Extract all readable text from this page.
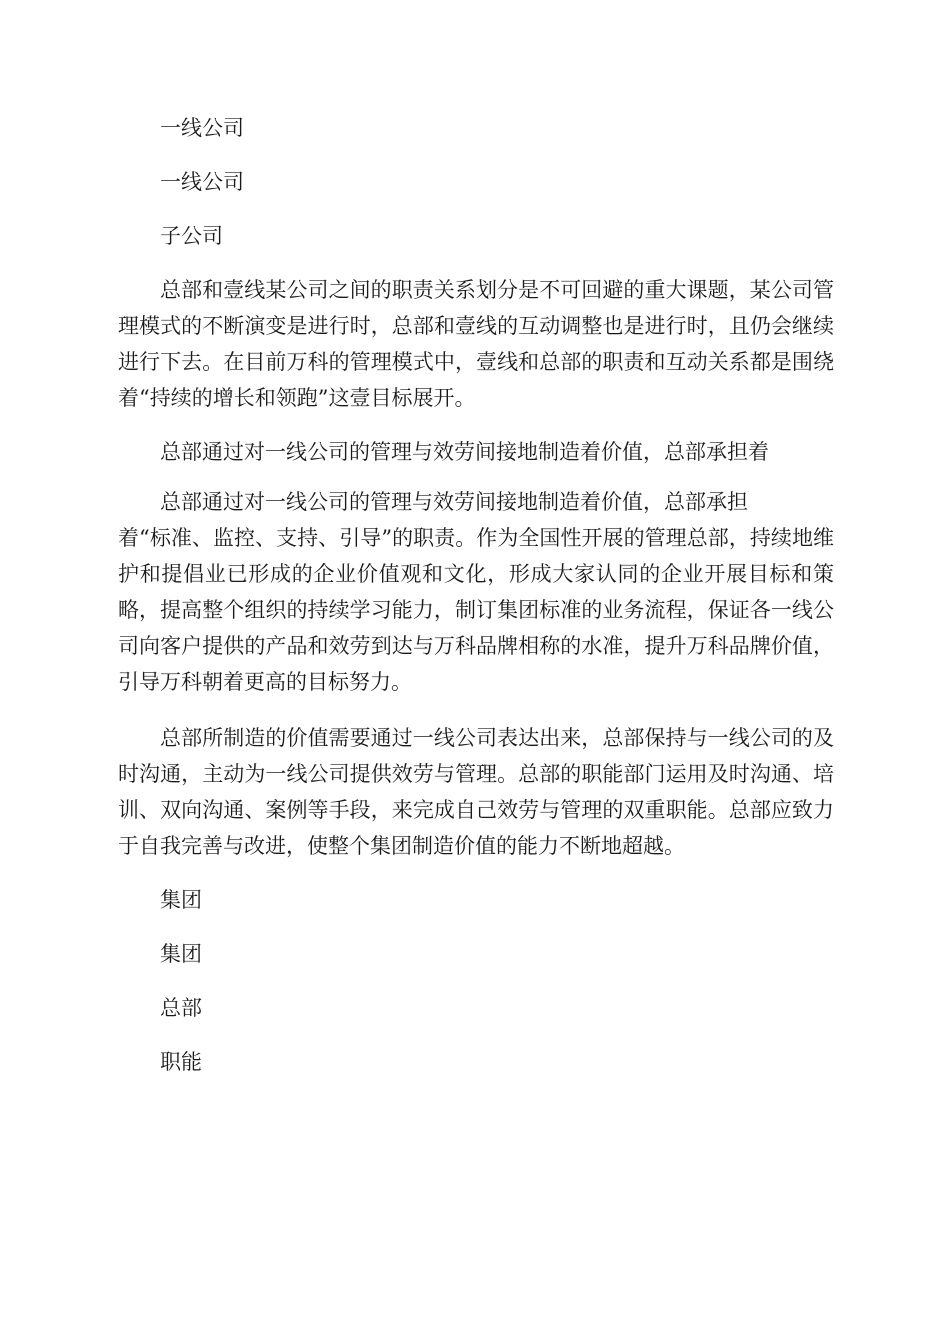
一线公司

一线公司

子公司

总部和壹线某公司之间的职责关系划分是不可回避的重大课题，某公司管理模式的不断演变是进行时，总部和壹线的互动调整也是进行时，且仍会继续进行下去。在目前万科的管理模式中，壹线和总部的职责和互动关系都是围绕着“持续的增长和领跑”这壹目标展开。

总部通过对一线公司的管理与效劳间接地制造着价值，总部承担着

总部通过对一线公司的管理与效劳间接地制造着价值，总部承担

着“标准、监控、支持、引导”的职责。作为全国性开展的管理总部，持续地维护和提倡业已形成的企业价值观和文化，形成大家认同的企业开展目标和策略，提高整个组织的持续学习能力，制订集团标准的业务流程，保证各一线公司向客户提供的产品和效劳到达与万科品牌相称的水准，提升万科品牌价值，引导万科朝着更高的目标努力。

总部所制造的价值需要通过一线公司表达出来，总部保持与一线公司的及时沟通，主动为一线公司提供效劳与管理。总部的职能部门运用及时沟通、培训、双向沟通、案例等手段，来完成自己效劳与管理的双重职能。总部应致力于自我完善与改进，使整个集团制造价值的能力不断地超越。

集团

集团

总部

职能
